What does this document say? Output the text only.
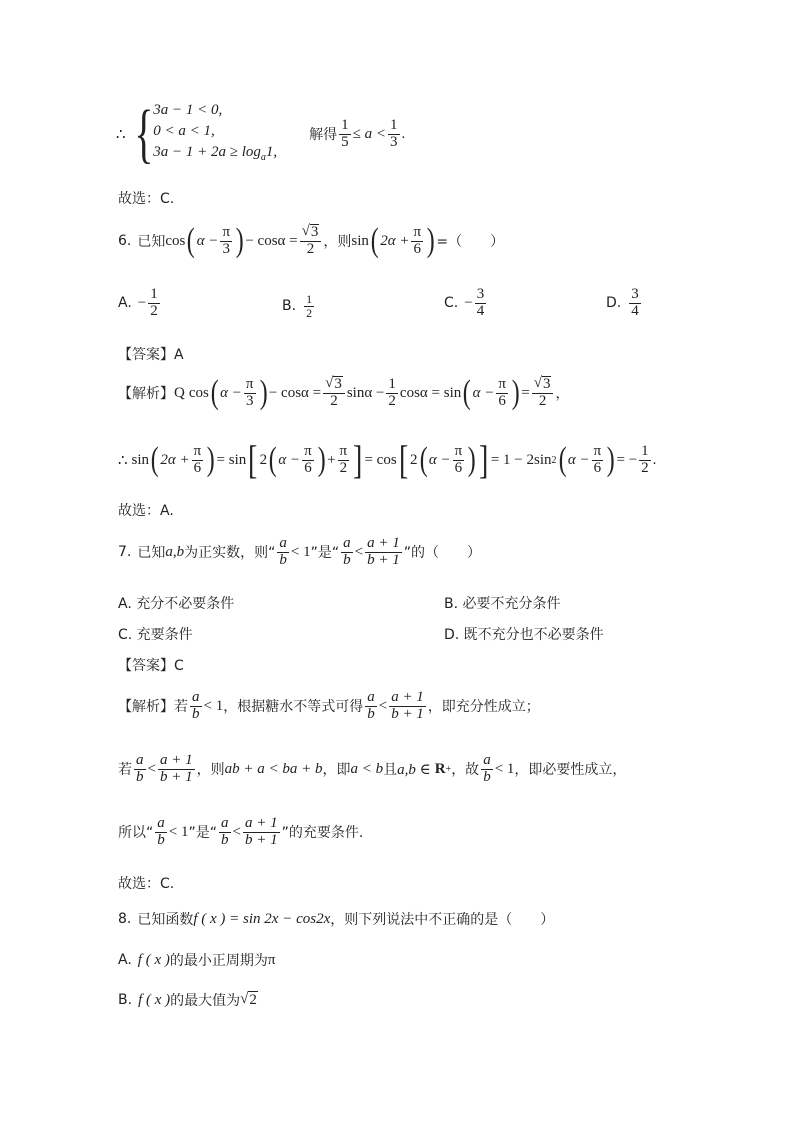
∴ { 3a − 1 < 0,
0 < a < 1,
$3a - 1 + 2a \ge \log_a1$,
解得 $\frac{1}{5} \le a < \frac{1}{3}$ .
故选：C.
6. 已知 cos ( $\alpha - \frac{\pi}{3}$ ) − $\cos\alpha = \frac{√ 3}{2}$ ，则 sin ( $2\alpha + \frac{\pi}{6}$ ) =（　　）
A. − $\frac{1}{2}$	B. $\frac{1}{2}$	C. − $\frac{3}{4}$	D. $\frac{3}{4}$
【答案】A
【解析】 Q cos ( $\alpha - \frac{\pi}{3}$ ) − $\cos\alpha = \frac{√ 3}{2}$ $\sin\alpha - \frac{1}{2}$ cosα = sin ( $\alpha - \frac{\pi}{6}$ ) = $\frac{√ 3}{2}$ ，
∴ sin ( $2\alpha + \frac{\pi}{6}$ ) = sin [ 2 ( $\alpha - \frac{\pi}{6}$ ) + $\frac{\pi}{2}$ ] = cos [ 2 ( $\alpha - \frac{\pi}{6}$ ) ] = 1 − 2sin 2 ( $\alpha - \frac{\pi}{6}$ ) = − $\frac{1}{2}$ .
故选：A.
7. 已知 a,b 为正实数，则“ $\frac{a}{b} < 1$ ”是“ $\frac{a}{b} < \frac{a + 1}{b + 1}$ ”的（　　）
A. 充分不必要条件	B. 必要不充分条件
C. 充要条件	D. 既不充分也不必要条件
【答案】C
【解析】 若 $\frac{a}{b} < 1$ ，根据糖水不等式可得 $\frac{a}{b} < \frac{a + 1}{b + 1}$ ，即充分性成立；
若 $\frac{a}{b} < \frac{a + 1}{b + 1}$ ，则 ab + a < ba + b ，即 a < b 且 a,b ∈ R + ，故 $\frac{a}{b} < 1$ ，即必要性成立，
所以“ $\frac{a}{b} < 1$ ”是“ $\frac{a}{b} < \frac{a + 1}{b + 1}$ ”的充要条件.
故选：C.
8. 已知函数 f ( x ) = sin 2x − cos2x ，则下列说法中不正确的是（　　）
A. f ( x ) 的最小正周期为 π
B. f ( x ) 的最大值为 √ 2
